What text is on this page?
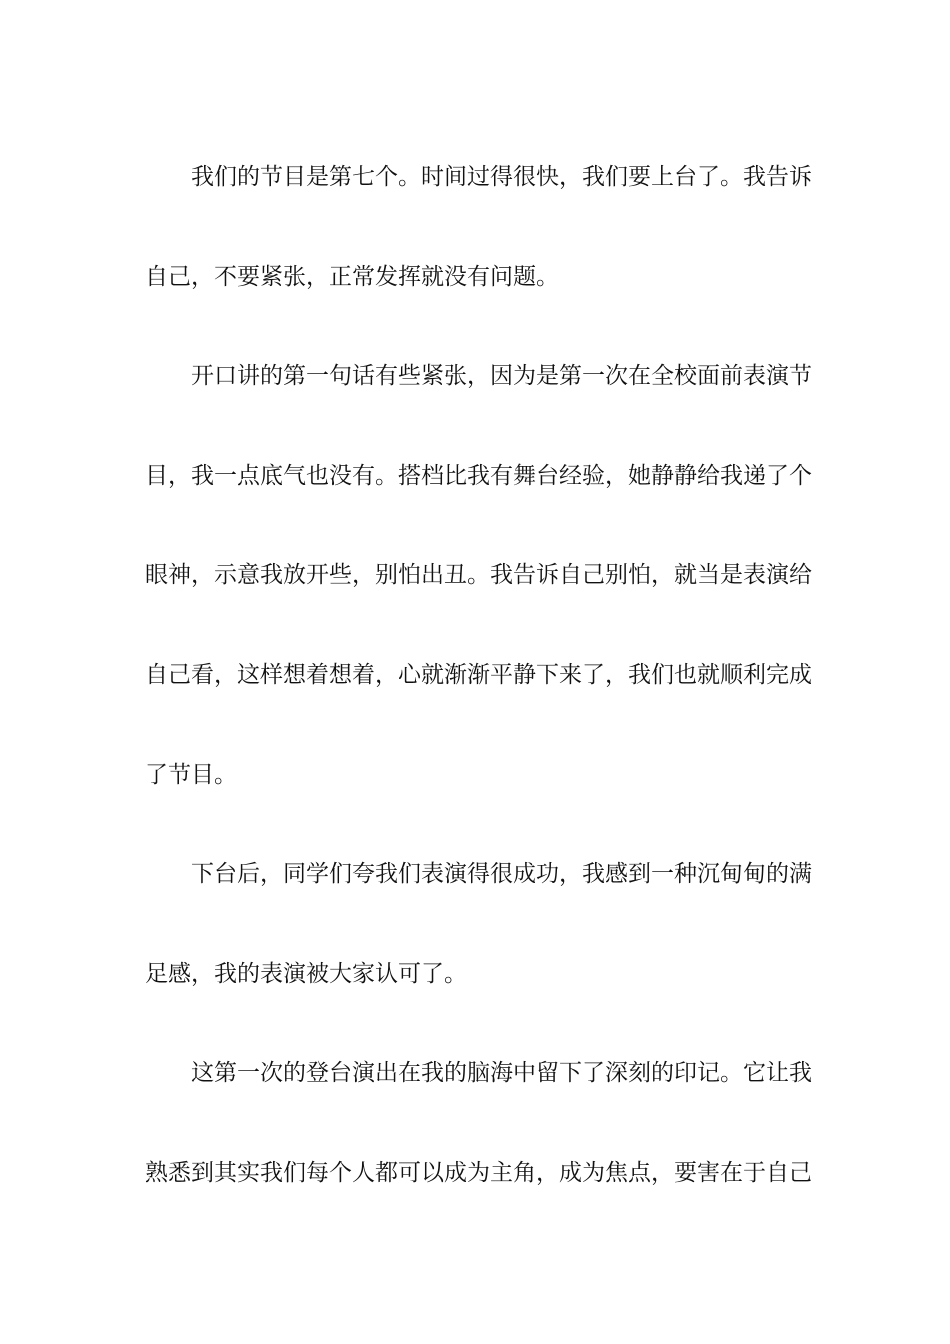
我们的节目是第七个。时间过得很快，我们要上台了。我告诉
自己，不要紧张，正常发挥就没有问题。
开口讲的第一句话有些紧张，因为是第一次在全校面前表演节
目，我一点底气也没有。搭档比我有舞台经验，她静静给我递了个
眼神，示意我放开些，别怕出丑。我告诉自己别怕，就当是表演给
自己看，这样想着想着，心就渐渐平静下来了，我们也就顺利完成
了节目。
下台后，同学们夸我们表演得很成功，我感到一种沉甸甸的满
足感，我的表演被大家认可了。
这第一次的登台演出在我的脑海中留下了深刻的印记。它让我
熟悉到其实我们每个人都可以成为主角，成为焦点，要害在于自己
